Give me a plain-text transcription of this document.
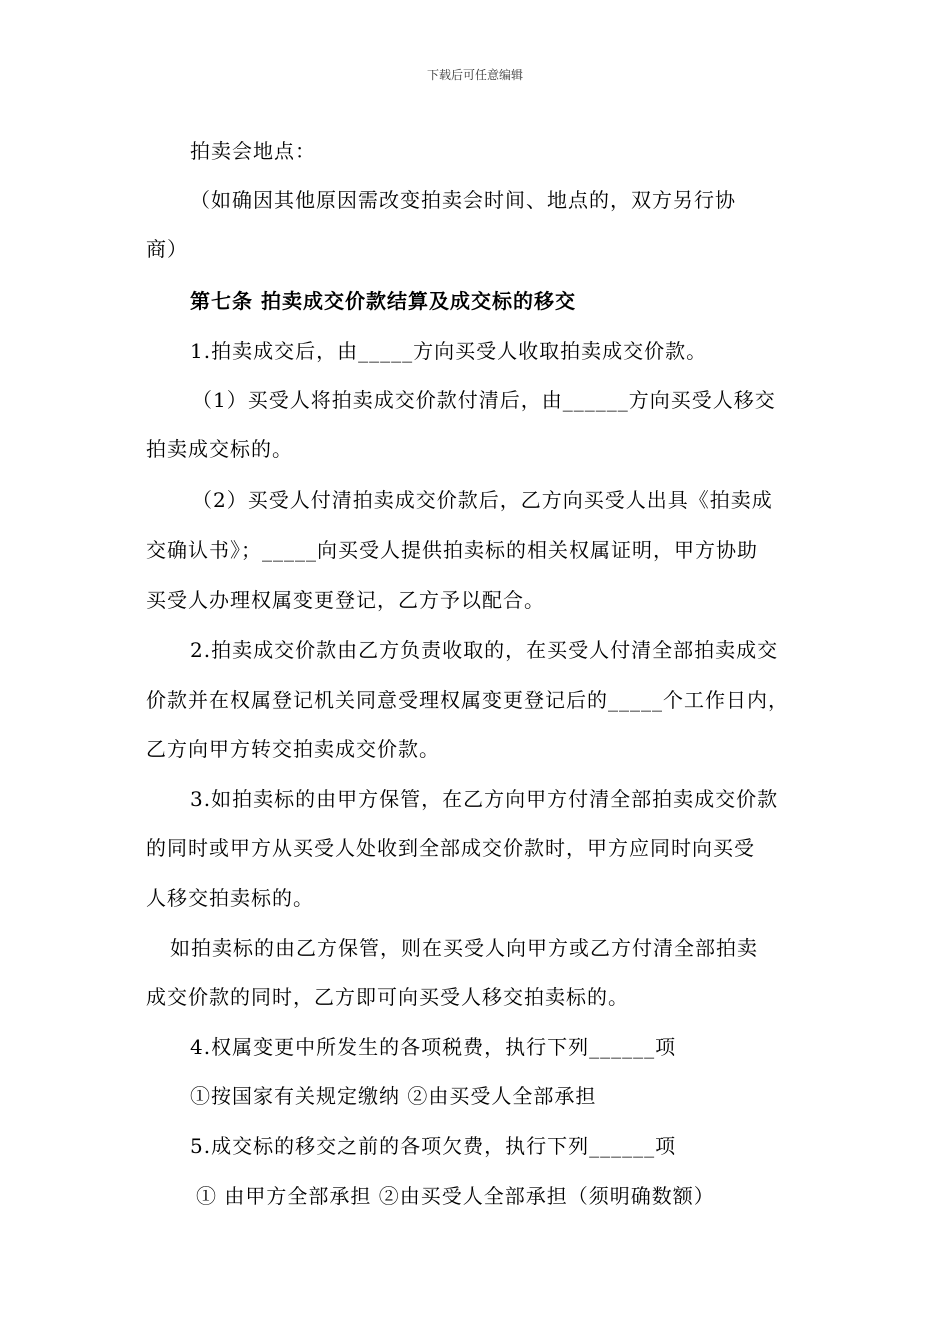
下载后可任意编辑
拍卖会地点：
（如确因其他原因需改变拍卖会时间、地点的，双方另行协
商）
第七条 拍卖成交价款结算及成交标的移交
1.拍卖成交后，由_____方向买受人收取拍卖成交价款。
（1）买受人将拍卖成交价款付清后，由______方向买受人移交
拍卖成交标的。
（2）买受人付清拍卖成交价款后，乙方向买受人出具《拍卖成
交确认书》；_____向买受人提供拍卖标的相关权属证明，甲方协助
买受人办理权属变更登记，乙方予以配合。
2.拍卖成交价款由乙方负责收取的，在买受人付清全部拍卖成交
价款并在权属登记机关同意受理权属变更登记后的_____个工作日内，
乙方向甲方转交拍卖成交价款。
3.如拍卖标的由甲方保管，在乙方向甲方付清全部拍卖成交价款
的同时或甲方从买受人处收到全部成交价款时，甲方应同时向买受
人移交拍卖标的。
如拍卖标的由乙方保管，则在买受人向甲方或乙方付清全部拍卖
成交价款的同时，乙方即可向买受人移交拍卖标的。
4.权属变更中所发生的各项税费，执行下列______项
①按国家有关规定缴纳 ②由买受人全部承担
5.成交标的移交之前的各项欠费，执行下列______项
① 由甲方全部承担 ②由买受人全部承担（须明确数额）
